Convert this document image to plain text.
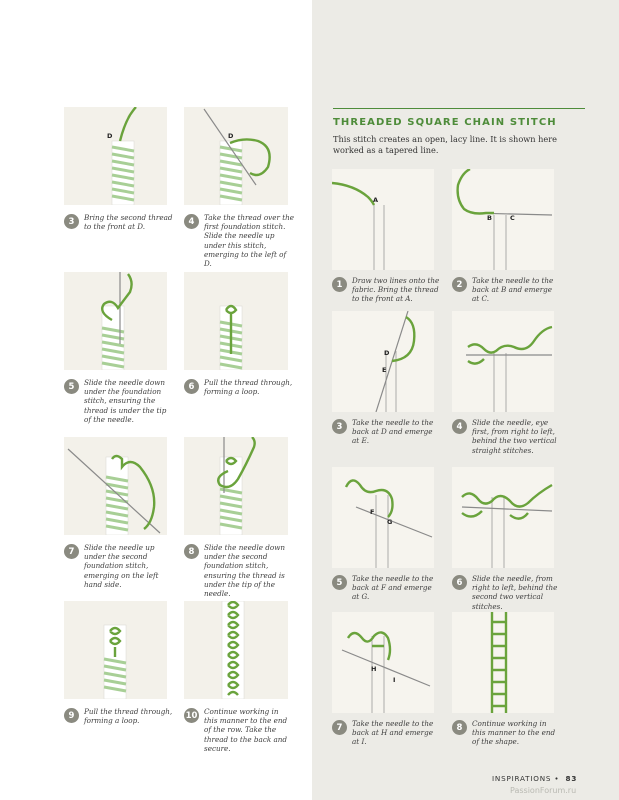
D	D
3	Bring the second thread to the front at D.
4	Take the thread over the first foundation stitch. Slide the needle up under this stitch, emerging to the left of D.
5	Slide the needle down under the foundation stitch, ensuring the thread is under the tip of the needle.
6	Pull the thread through, forming a loop.
7	Slide the needle up under the second foundation stitch, emerging on the left hand side.
8	Slide the needle down under the second foundation stitch, ensuring the thread is under the tip of the needle.
9	Pull the thread through, forming a loop.
10 Continue working in this manner to the end of the row. Take the thread to the back and secure.
THREADED SQUARE CHAIN STITCH
This stitch creates an open, lacy line. It is shown here worked as a tapered line.
A
B	C
1	Draw two lines onto the fabric. Bring the thread to the front at A.
2	Take the needle to the back at B and emerge at C.
D
E
3	Take the needle to the back at D and emerge at E.
4	Slide the needle, eye first, from right to left, behind the two vertical straight stitches.
F
G
5	Take the needle to the back at F and emerge at G.
6	Slide the needle, from right to left, behind the second two vertical stitches.
H
I
7	Take the needle to the back at H and emerge at I.
8	Continue working in this manner to the end of the shape.
INSPIRATIONS • 83
PassionForum.ru
